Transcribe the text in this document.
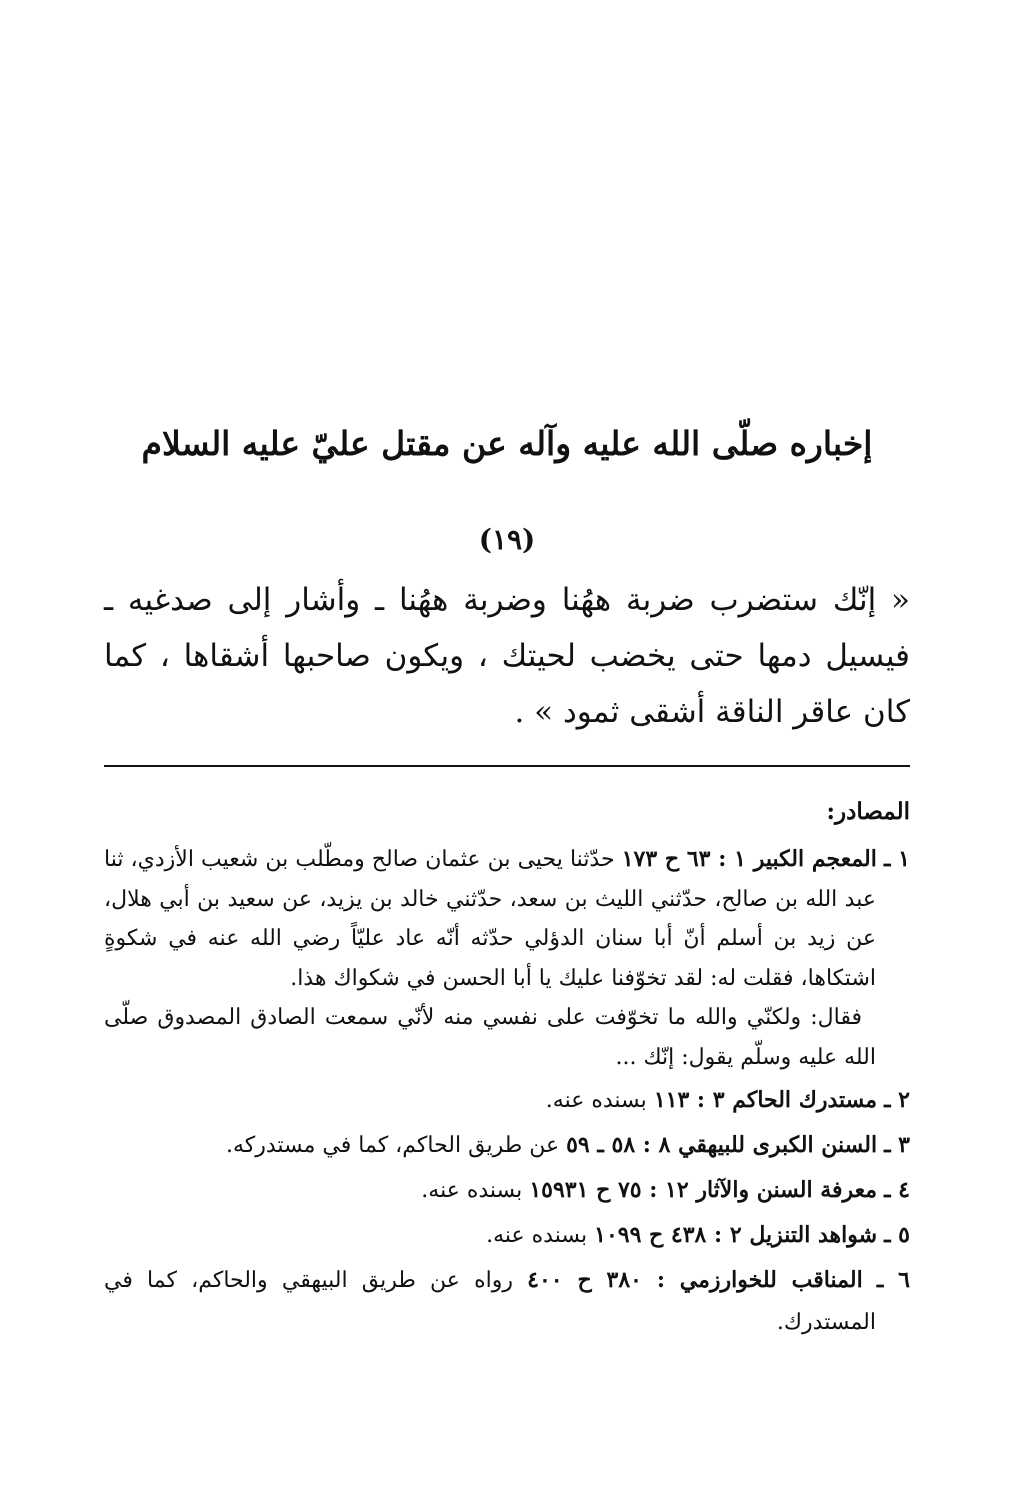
إخباره صلّى الله عليه وآله عن مقتل عليّ عليه السلام
(١٩)
« إنّك ستضرب ضربة ههُنا وضربة ههُنا ـ وأشار إلى صدغيه ـ فيسيل دمها حتى يخضب لحيتك ، ويكون صاحبها أشقاها ، كما كان عاقر الناقة أشقى ثمود » .
المصادر:
١ ـ المعجم الكبير ١ : ٦٣ ح ١٧٣ حدّثنا يحيى بن عثمان صالح ومطّلب بن شعيب الأزدي، ثنا عبد الله بن صالح، حدّثني الليث بن سعد، حدّثني خالد بن يزيد، عن سعيد بن أبي هلال، عن زيد بن أسلم أنّ أبا سنان الدؤلي حدّثه أنّه عاد عليّاً رضي الله عنه في شكوةٍ اشتكاها، فقلت له: لقد تخوّفنا عليك يا أبا الحسن في شكواك هذا.
فقال: ولكنّي والله ما تخوّفت على نفسي منه لأنّي سمعت الصادق المصدوق صلّى الله عليه وسلّم يقول: إنّك ...
٢ ـ مستدرك الحاكم ٣ : ١١٣ بسنده عنه.
٣ ـ السنن الكبرى للبيهقي ٨ : ٥٨ ـ ٥٩ عن طريق الحاكم، كما في مستدركه.
٤ ـ معرفة السنن والآثار ١٢ : ٧٥ ح ١٥٩٣١ بسنده عنه.
٥ ـ شواهد التنزيل ٢ : ٤٣٨ ح ١٠٩٩ بسنده عنه.
٦ ـ المناقب للخوارزمي : ٣٨٠ ح ٤٠٠ رواه عن طريق البيهقي والحاكم، كما في المستدرك.
